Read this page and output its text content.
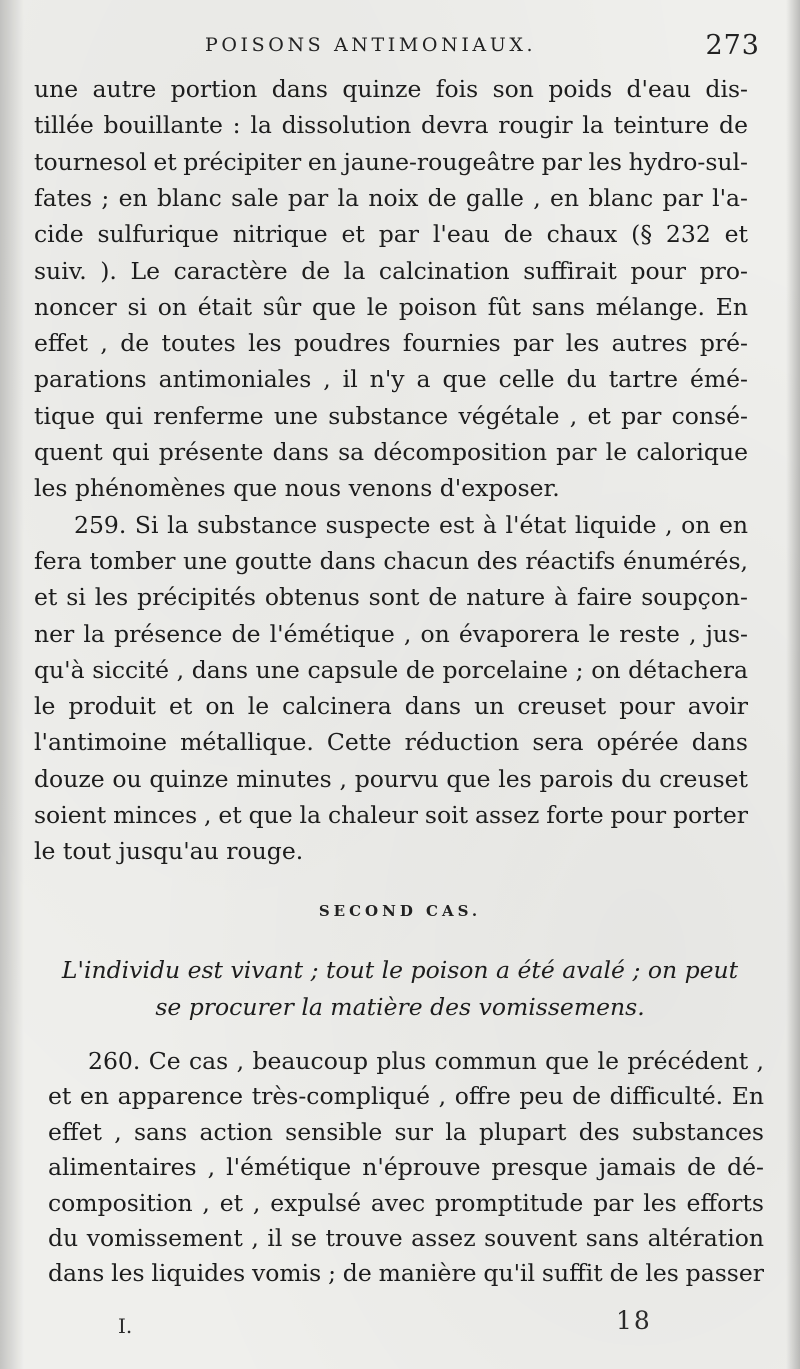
POISONS ANTIMONIAUX.	273
une autre portion dans quinze fois son poids d'eau dis-
tillée bouillante : la dissolution devra rougir la teinture de
tournesol et précipiter en jaune-rougeâtre par les hydro-sul-
fates ; en blanc sale par la noix de galle , en blanc par l'a-
cide sulfurique nitrique et par l'eau de chaux (§ 232 et
suiv. ). Le caractère de la calcination suffirait pour pro-
noncer si on était sûr que le poison fût sans mélange. En
effet , de toutes les poudres fournies par les autres pré-
parations antimoniales , il n'y a que celle du tartre émé-
tique qui renferme une substance végétale , et par consé-
quent qui présente dans sa décomposition par le calorique
les phénomènes que nous venons d'exposer.
259. Si la substance suspecte est à l'état liquide , on en
fera tomber une goutte dans chacun des réactifs énumérés,
et si les précipités obtenus sont de nature à faire soupçon-
ner la présence de l'émétique , on évaporera le reste , jus-
qu'à siccité , dans une capsule de porcelaine ; on détachera
le produit et on le calcinera dans un creuset pour avoir
l'antimoine métallique. Cette réduction sera opérée dans
douze ou quinze minutes , pourvu que les parois du creuset
soient minces , et que la chaleur soit assez forte pour porter
le tout jusqu'au rouge.
SECOND CAS.
L'individu est vivant ; tout le poison a été avalé ; on peut
se procurer la matière des vomissemens.
260. Ce cas , beaucoup plus commun que le précédent ,
et en apparence très-compliqué , offre peu de difficulté. En
effet , sans action sensible sur la plupart des substances
alimentaires , l'émétique n'éprouve presque jamais de dé-
composition , et , expulsé avec promptitude par les efforts
du vomissement , il se trouve assez souvent sans altération
dans les liquides vomis ; de manière qu'il suffit de les passer
I.	18
